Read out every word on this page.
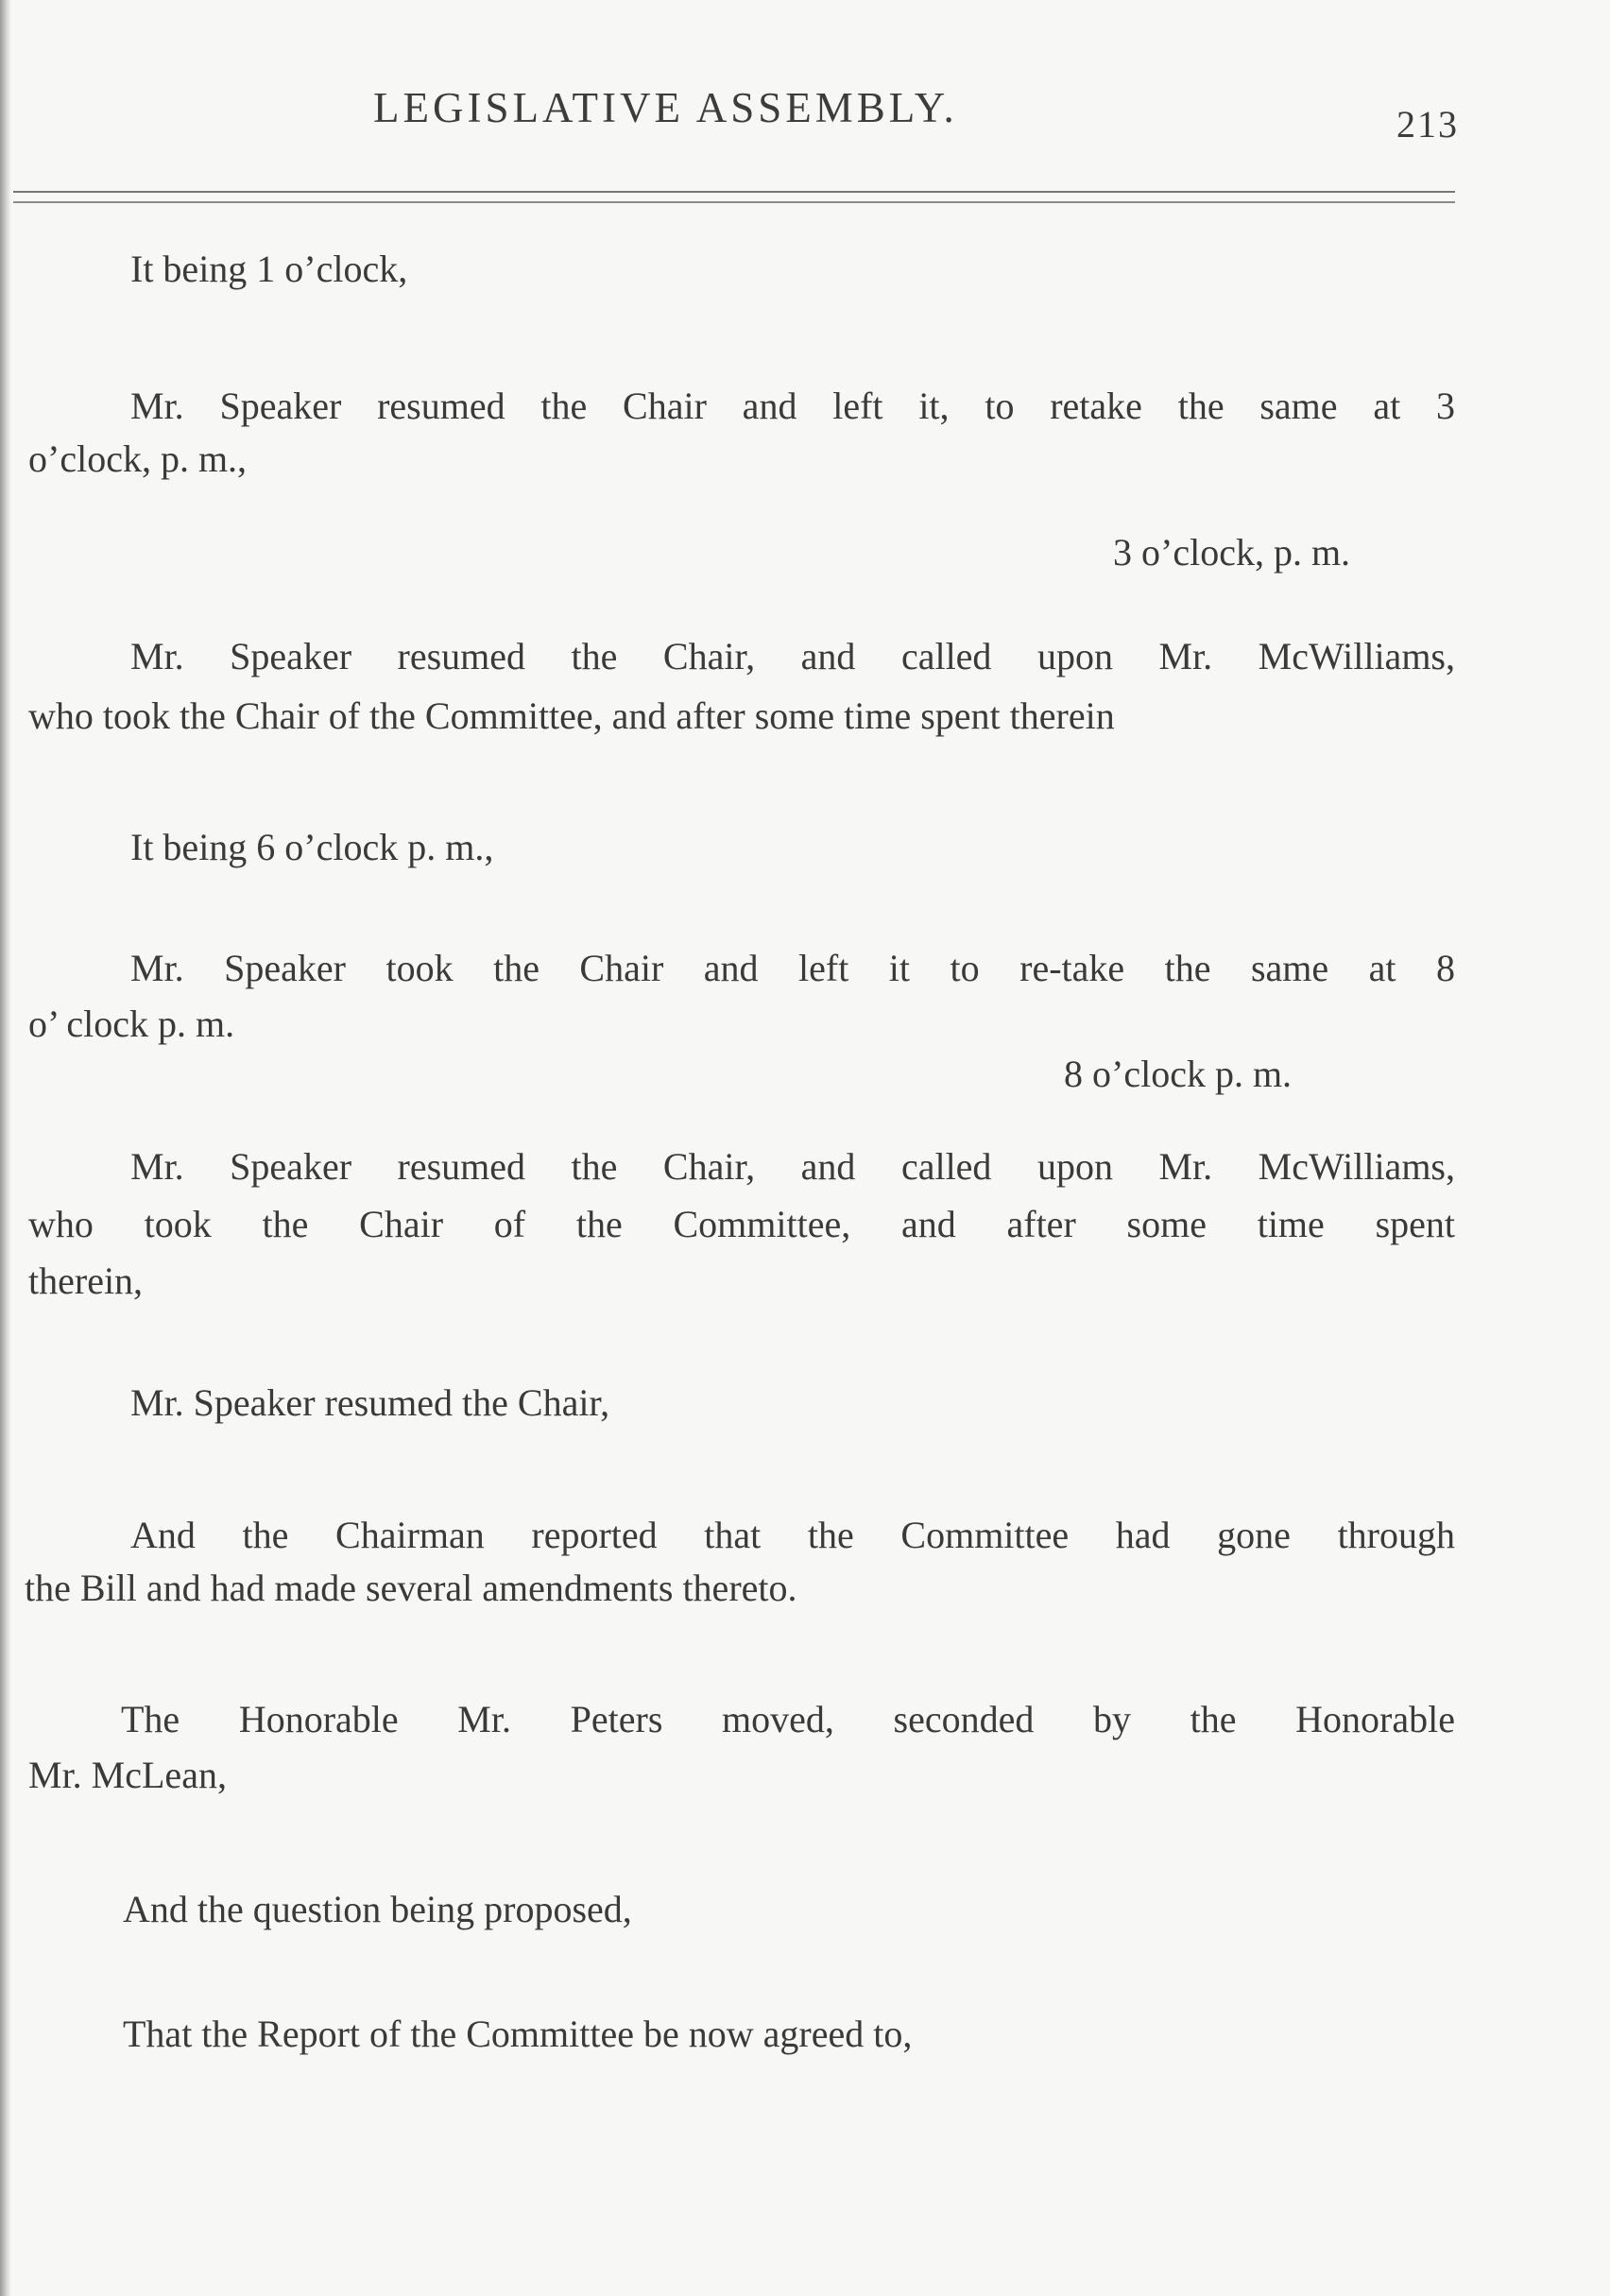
LEGISLATIVE ASSEMBLY.	213
It being 1 o’clock,
Mr. Speaker resumed the Chair and left it, to retake the same at 3
o’clock, p. m.,
3 o’clock, p. m.
Mr. Speaker resumed the Chair, and called upon Mr. McWilliams,
who took the Chair of the Committee, and after some time spent therein
It being 6 o’clock p. m.,
Mr. Speaker took the Chair and left it to re-take the same at 8
o’ clock p. m.
8 o’clock p. m.
Mr. Speaker resumed the Chair, and called upon Mr. McWilliams,
who took the Chair of the Committee, and after some time spent
therein,
Mr. Speaker resumed the Chair,
And the Chairman reported that the Committee had gone through
the Bill and had made several amendments thereto.
The Honorable Mr. Peters moved, seconded by the Honorable
Mr. McLean,
And the question being proposed,
That the Report of the Committee be now agreed to,
